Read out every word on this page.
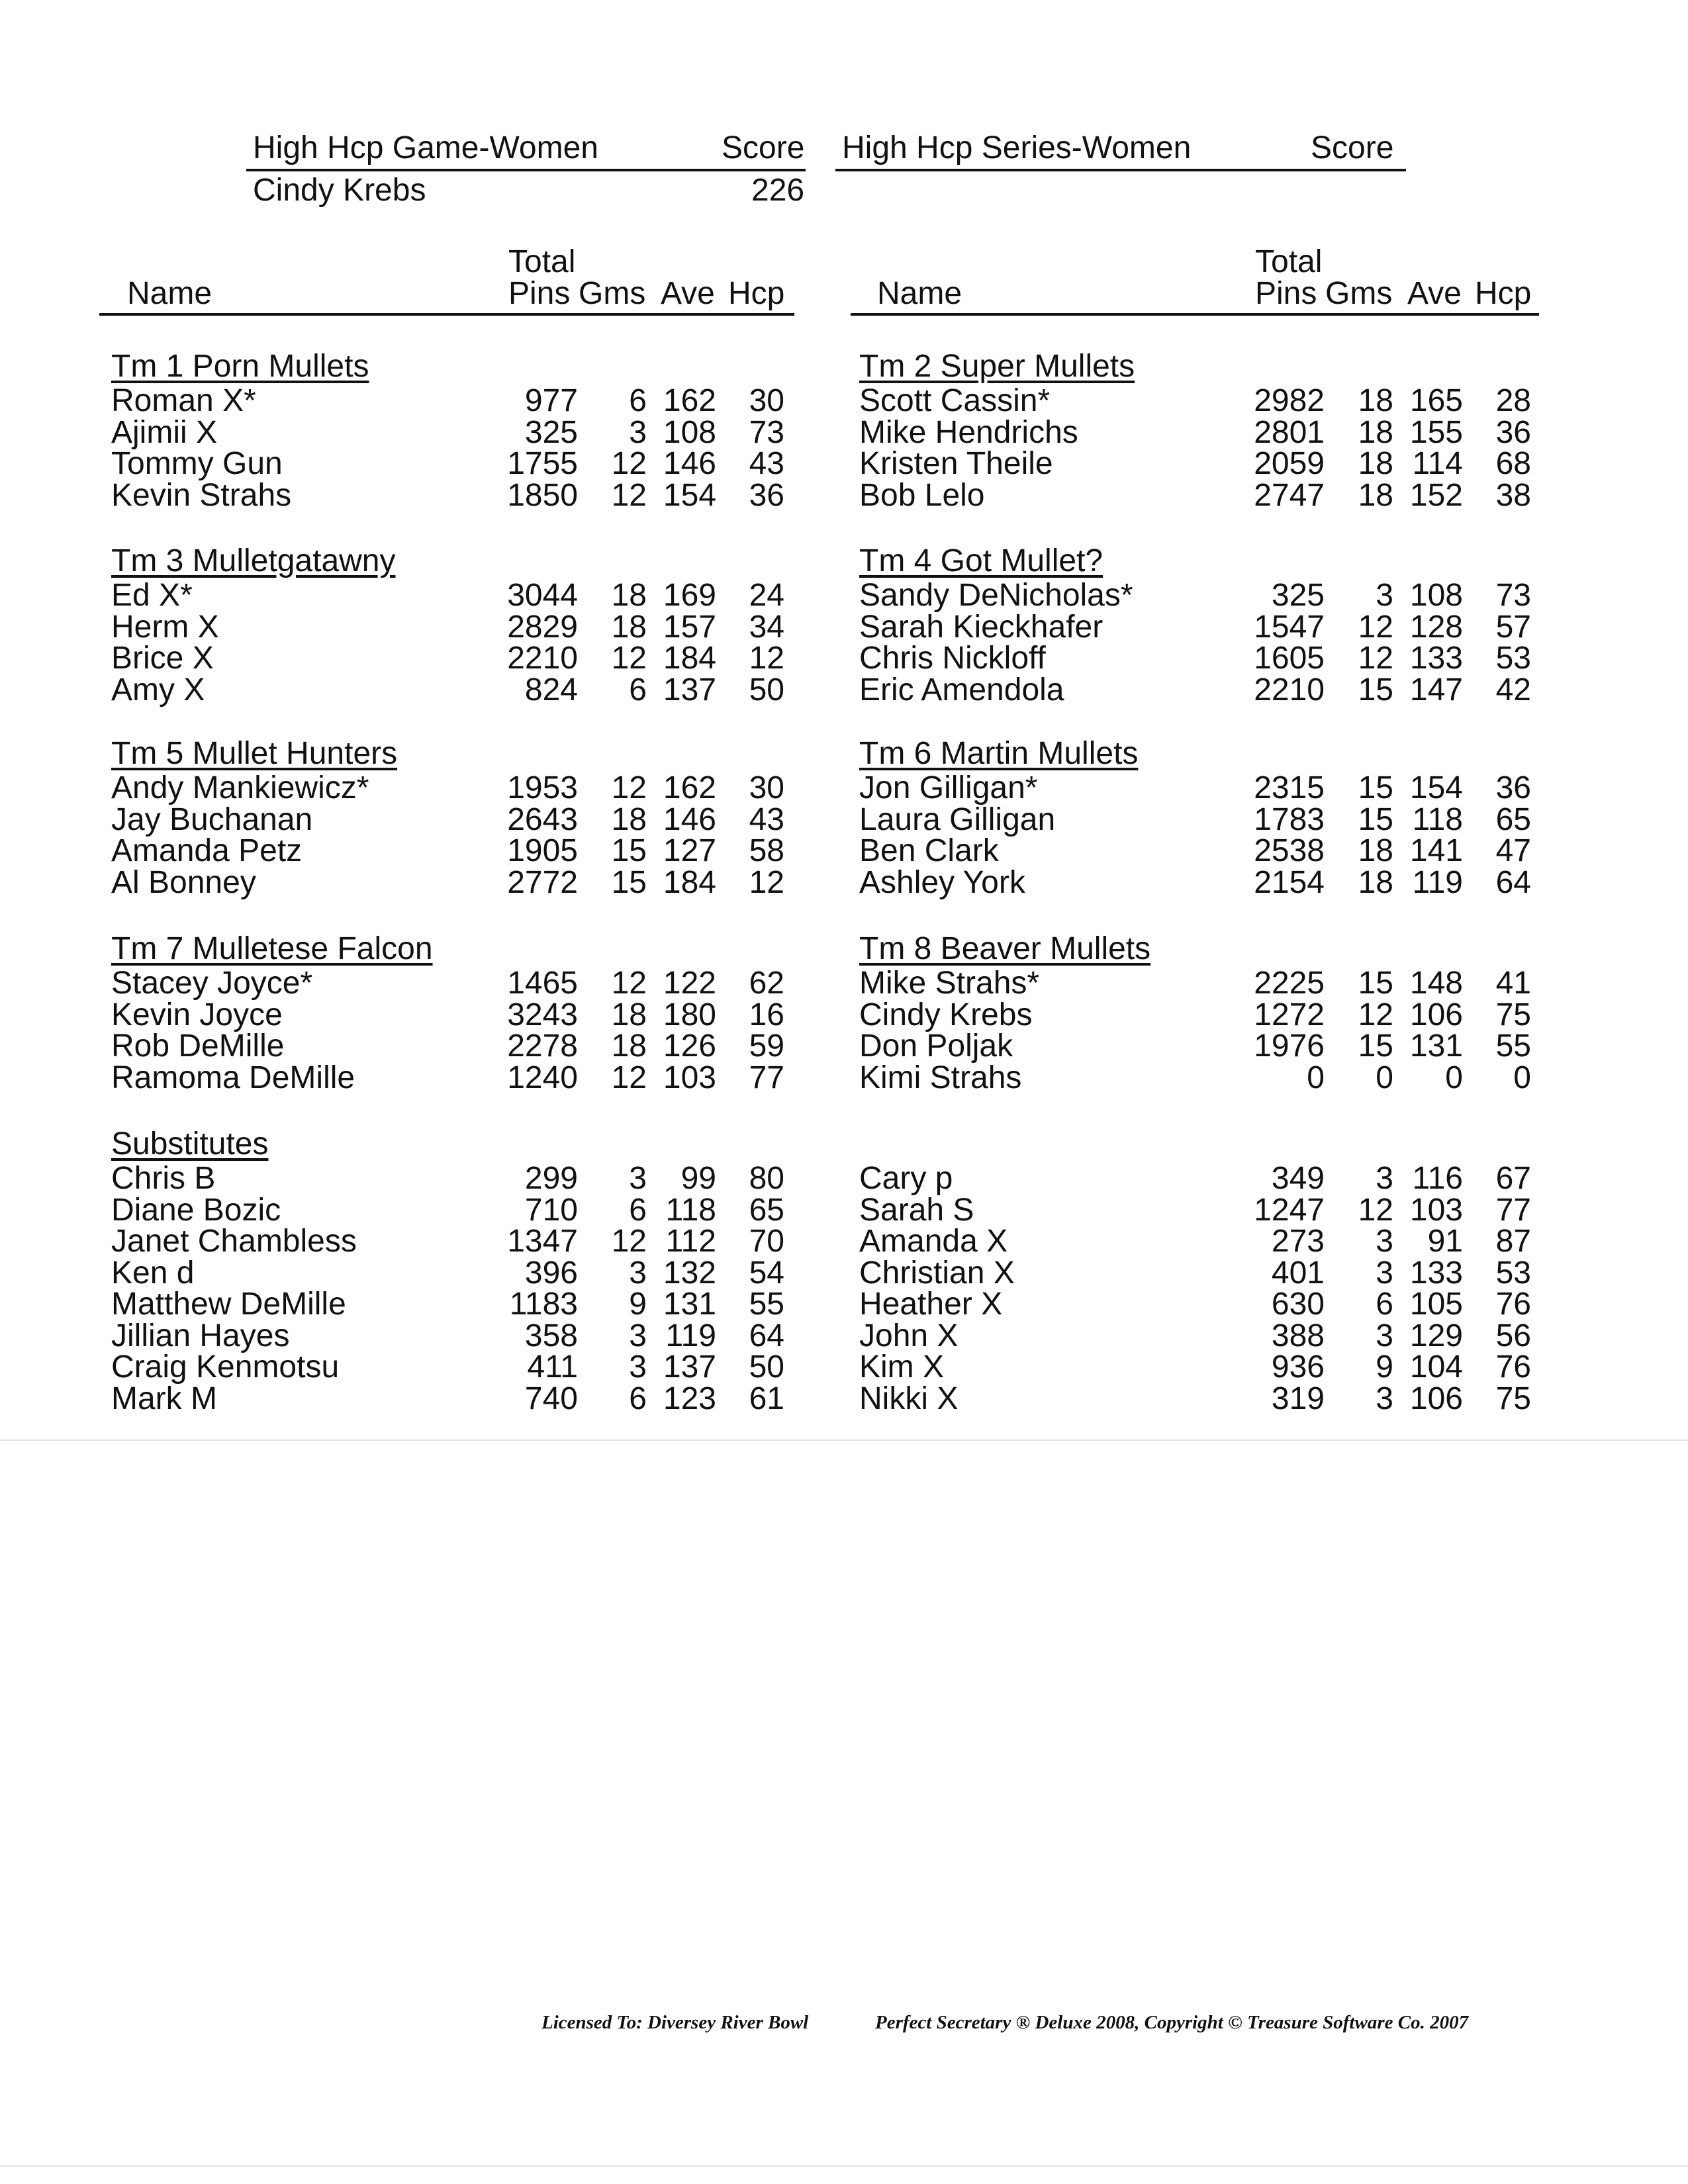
High Hcp Game-Women	Score
Cindy Krebs	226
High Hcp Series-Women	Score
Total
Name	Pins Gms Ave Hcp
Total
Name	Pins Gms Ave Hcp
Tm 1 Porn Mullets
Roman X*	977 6 162 30
Ajimii X	325 3 108 73
Tommy Gun	1755 12 146 43
Kevin Strahs	1850 12 154 36
Tm 3 Mulletgatawny
Ed X*	3044 18 169 24
Herm X	2829 18 157 34
Brice X	2210 12 184 12
Amy X	824 6 137 50
Tm 5 Mullet Hunters
Andy Mankiewicz*	1953 12 162 30
Jay Buchanan	2643 18 146 43
Amanda Petz	1905 15 127 58
Al Bonney	2772 15 184 12
Tm 7 Mulletese Falcon
Stacey Joyce*	1465 12 122 62
Kevin Joyce	3243 18 180 16
Rob DeMille	2278 18 126 59
Ramoma DeMille	1240 12 103 77
Substitutes
Chris B	299 3 99 80
Diane Bozic	710 6 118 65
Janet Chambless	1347 12 112 70
Ken d	396 3 132 54
Matthew DeMille	1183 9 131 55
Jillian Hayes	358 3 119 64
Craig Kenmotsu	411 3 137 50
Mark M	740 6 123 61
Tm 2 Super Mullets
Scott Cassin*	2982 18 165 28
Mike Hendrichs	2801 18 155 36
Kristen Theile	2059 18 114 68
Bob Lelo	2747 18 152 38
Tm 4 Got Mullet?
Sandy DeNicholas*	325 3 108 73
Sarah Kieckhafer	1547 12 128 57
Chris Nickloff	1605 12 133 53
Eric Amendola	2210 15 147 42
Tm 6 Martin Mullets
Jon Gilligan*	2315 15 154 36
Laura Gilligan	1783 15 118 65
Ben Clark	2538 18 141 47
Ashley York	2154 18 119 64
Tm 8 Beaver Mullets
Mike Strahs*	2225 15 148 41
Cindy Krebs	1272 12 106 75
Don Poljak	1976 15 131 55
Kimi Strahs	0 0 0 0
Cary p	349 3 116 67
Sarah S	1247 12 103 77
Amanda X	273 3 91 87
Christian X	401 3 133 53
Heather X	630 6 105 76
John X	388 3 129 56
Kim X	936 9 104 76
Nikki X	319 3 106 75
Licensed To: Diversey River Bowl	Perfect Secretary ® Deluxe 2008, Copyright © Treasure Software Co. 2007
